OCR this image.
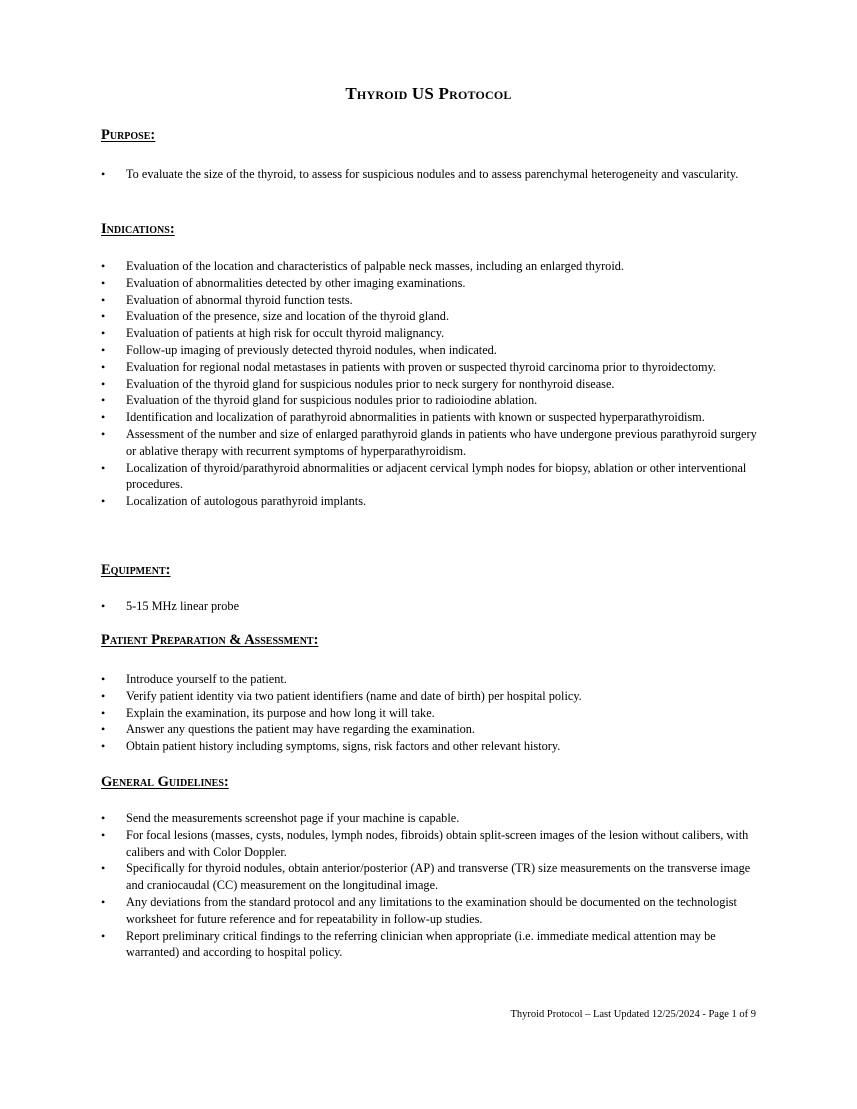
Thyroid US Protocol
Purpose:
• To evaluate the size of the thyroid, to assess for suspicious nodules and to assess parenchymal heterogeneity and vascularity.
Indications:
• Evaluation of the location and characteristics of palpable neck masses, including an enlarged thyroid.
• Evaluation of abnormalities detected by other imaging examinations.
• Evaluation of abnormal thyroid function tests.
• Evaluation of the presence, size and location of the thyroid gland.
• Evaluation of patients at high risk for occult thyroid malignancy.
• Follow-up imaging of previously detected thyroid nodules, when indicated.
• Evaluation for regional nodal metastases in patients with proven or suspected thyroid carcinoma prior to thyroidectomy.
• Evaluation of the thyroid gland for suspicious nodules prior to neck surgery for nonthyroid disease.
• Evaluation of the thyroid gland for suspicious nodules prior to radioiodine ablation.
• Identification and localization of parathyroid abnormalities in patients with known or suspected hyperparathyroidism.
• Assessment of the number and size of enlarged parathyroid glands in patients who have undergone previous parathyroid surgery or ablative therapy with recurrent symptoms of hyperparathyroidism.
• Localization of thyroid/parathyroid abnormalities or adjacent cervical lymph nodes for biopsy, ablation or other interventional procedures.
• Localization of autologous parathyroid implants.
Equipment:
• 5-15 MHz linear probe
Patient Preparation & Assessment:
• Introduce yourself to the patient.
• Verify patient identity via two patient identifiers (name and date of birth) per hospital policy.
• Explain the examination, its purpose and how long it will take.
• Answer any questions the patient may have regarding the examination.
• Obtain patient history including symptoms, signs, risk factors and other relevant history.
General Guidelines:
• Send the measurements screenshot page if your machine is capable.
• For focal lesions (masses, cysts, nodules, lymph nodes, fibroids) obtain split-screen images of the lesion without calibers, with calibers and with Color Doppler.
• Specifically for thyroid nodules, obtain anterior/posterior (AP) and transverse (TR) size measurements on the transverse image and craniocaudal (CC) measurement on the longitudinal image.
• Any deviations from the standard protocol and any limitations to the examination should be documented on the technologist worksheet for future reference and for repeatability in follow-up studies.
• Report preliminary critical findings to the referring clinician when appropriate (i.e. immediate medical attention may be warranted) and according to hospital policy.
Thyroid Protocol – Last Updated 12/25/2024 - Page 1 of 9
